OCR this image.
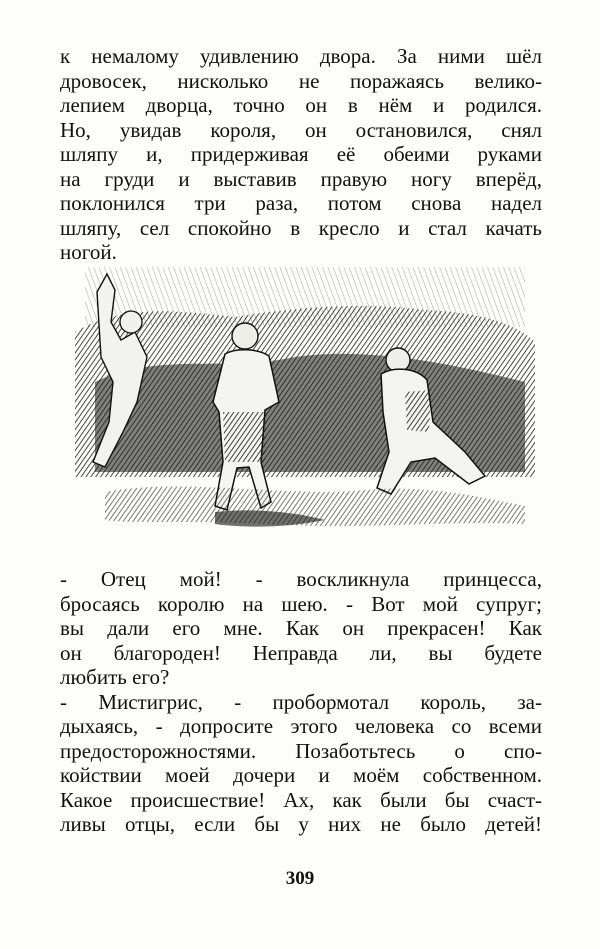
к немалому удивлению двора. За ними шёл
дровосек, нисколько не поражаясь велико-
лепием дворца, точно он в нём и родился.
Но, увидав короля, он остановился, снял
шляпу и, придерживая её обеими руками
на груди и выставив правую ногу вперёд,
поклонился три раза, потом снова надел
шляпу, сел спокойно в кресло и стал качать
ногой.
- Отец мой! - воскликнула принцесса,
бросаясь королю на шею. - Вот мой супруг;
вы дали его мне. Как он прекрасен! Как
он благороден! Неправда ли, вы будете
любить его?
- Мистигрис, - пробормотал король, за-
дыхаясь, - допросите этого человека со всеми
предосторожностями. Позаботьтесь о спо-
койствии моей дочери и моём собственном.
Какое происшествие! Ах, как были бы счаст-
ливы отцы, если бы у них не было детей!
309
